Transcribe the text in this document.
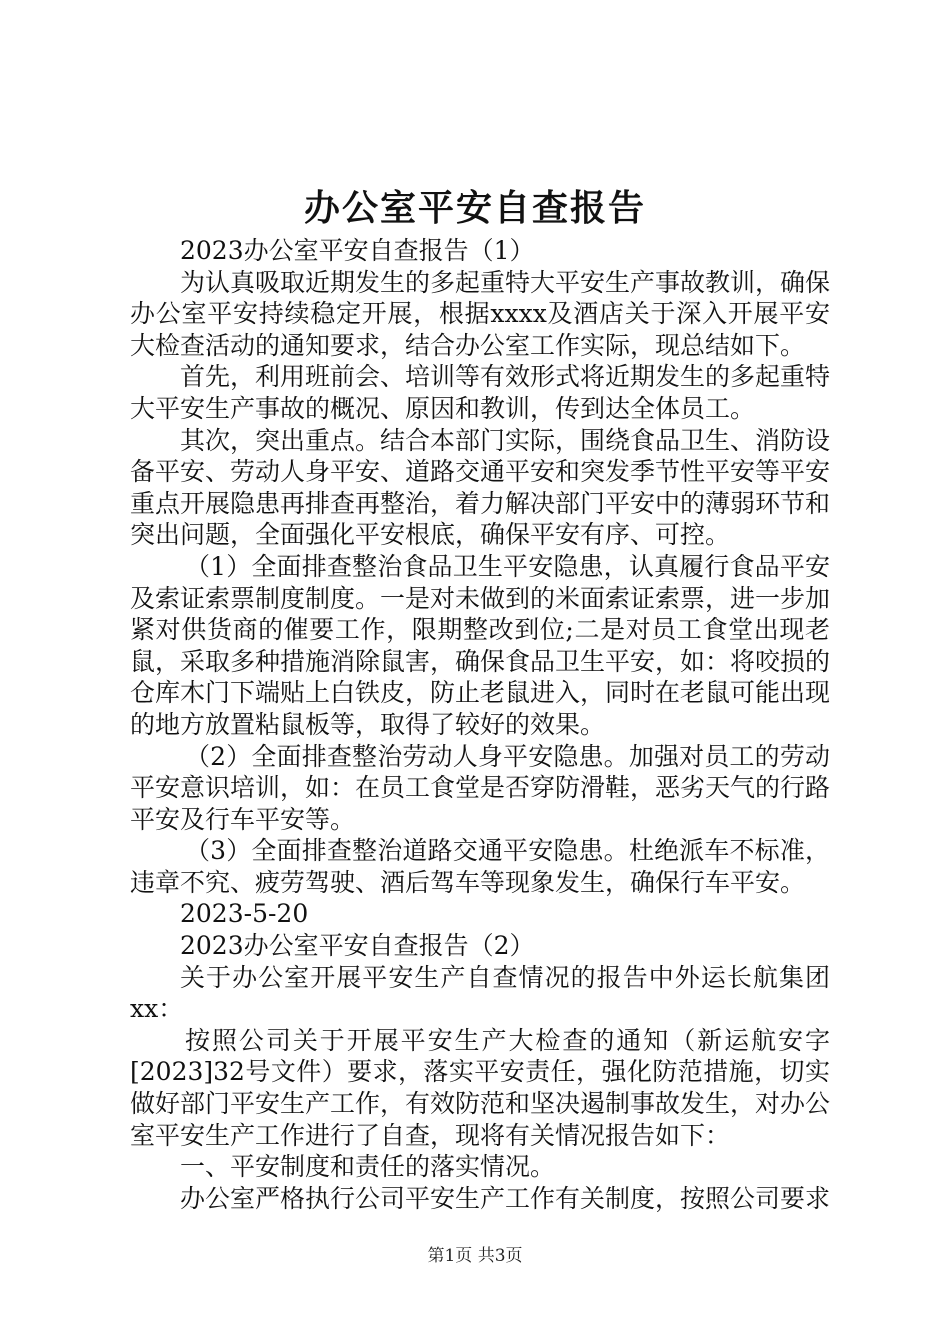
办公室平安自查报告

2023办公室平安自查报告（1）

为认真吸取近期发生的多起重特大平安生产事故教训，确保办公室平安持续稳定开展，根据xxxx及酒店关于深入开展平安大检查活动的通知要求，结合办公室工作实际，现总结如下。

首先，利用班前会、培训等有效形式将近期发生的多起重特大平安生产事故的概况、原因和教训，传到达全体员工。

其次，突出重点。结合本部门实际，围绕食品卫生、消防设备平安、劳动人身平安、道路交通平安和突发季节性平安等平安重点开展隐患再排查再整治，着力解决部门平安中的薄弱环节和突出问题，全面强化平安根底，确保平安有序、可控。

（1）全面排查整治食品卫生平安隐患，认真履行食品平安及索证索票制度制度。一是对未做到的米面索证索票，进一步加紧对供货商的催要工作，限期整改到位;二是对员工食堂出现老鼠，采取多种措施消除鼠害，确保食品卫生平安，如：将咬损的仓库木门下端贴上白铁皮，防止老鼠进入，同时在老鼠可能出现的地方放置粘鼠板等，取得了较好的效果。

（2）全面排查整治劳动人身平安隐患。加强对员工的劳动平安意识培训，如：在员工食堂是否穿防滑鞋，恶劣天气的行路平安及行车平安等。

（3）全面排查整治道路交通平安隐患。杜绝派车不标准，违章不究、疲劳驾驶、酒后驾车等现象发生，确保行车平安。

2023-5-20

2023办公室平安自查报告（2）

关于办公室开展平安生产自查情况的报告中外运长航集团xx：

按照公司关于开展平安生产大检查的通知（新运航安字[2023]32号文件）要求，落实平安责任，强化防范措施，切实做好部门平安生产工作，有效防范和坚决遏制事故发生，对办公室平安生产工作进行了自查，现将有关情况报告如下：

一、平安制度和责任的落实情况。

办公室严格执行公司平安生产工作有关制度，按照公司要求

第1页 共3页
